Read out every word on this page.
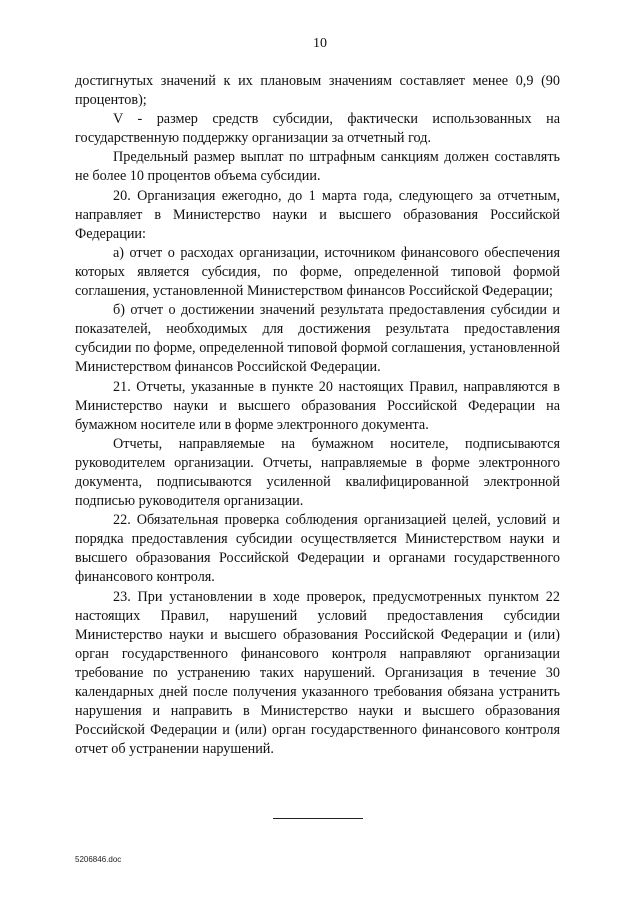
10

достигнутых значений к их плановым значениям составляет менее 0,9 (90 процентов);

V - размер средств субсидии, фактически использованных на государственную поддержку организации за отчетный год.

Предельный размер выплат по штрафным санкциям должен составлять не более 10 процентов объема субсидии.

20. Организация ежегодно, до 1 марта года, следующего за отчетным, направляет в Министерство науки и высшего образования Российской Федерации:

а) отчет о расходах организации, источником финансового обеспечения которых является субсидия, по форме, определенной типовой формой соглашения, установленной Министерством финансов Российской Федерации;

б) отчет о достижении значений результата предоставления субсидии и показателей, необходимых для достижения результата предоставления субсидии по форме, определенной типовой формой соглашения, установленной Министерством финансов Российской Федерации.

21. Отчеты, указанные в пункте 20 настоящих Правил, направляются в Министерство науки и высшего образования Российской Федерации на бумажном носителе или в форме электронного документа.

Отчеты, направляемые на бумажном носителе, подписываются руководителем организации. Отчеты, направляемые в форме электронного документа, подписываются усиленной квалифицированной электронной подписью руководителя организации.

22. Обязательная проверка соблюдения организацией целей, условий и порядка предоставления субсидии осуществляется Министерством науки и высшего образования Российской Федерации и органами государственного финансового контроля.

23. При установлении в ходе проверок, предусмотренных пунктом 22 настоящих Правил, нарушений условий предоставления субсидии Министерство науки и высшего образования Российской Федерации и (или) орган государственного финансового контроля направляют организации требование по устранению таких нарушений. Организация в течение 30 календарных дней после получения указанного требования обязана устранить нарушения и направить в Министерство науки и высшего образования Российской Федерации и (или) орган государственного финансового контроля отчет об устранении нарушений.

5206846.doc
